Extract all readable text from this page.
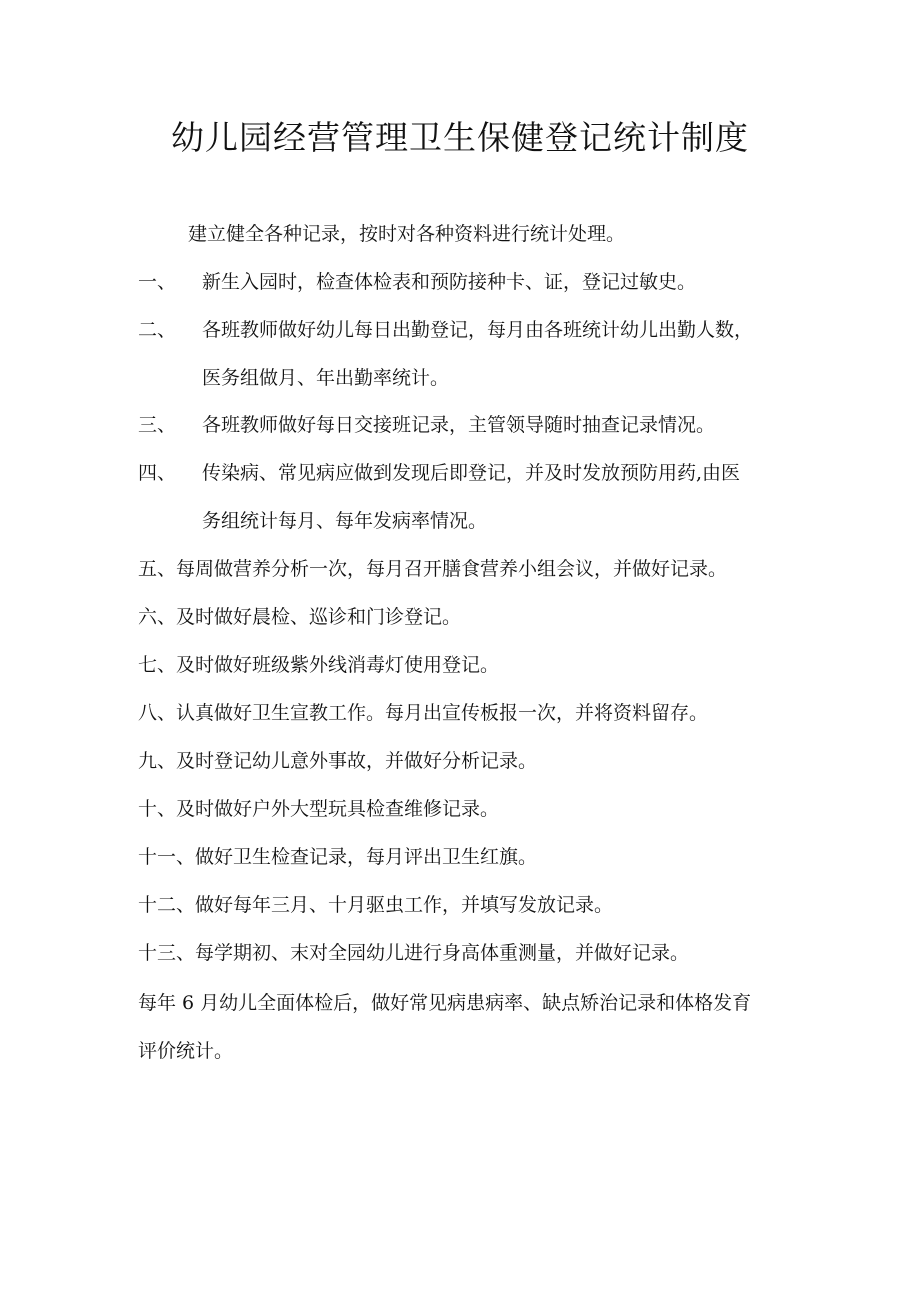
幼儿园经营管理卫生保健登记统计制度

建立健全各种记录，按时对各种资料进行统计处理。

一、 新生入园时，检查体检表和预防接种卡、证，登记过敏史。

二、 各班教师做好幼儿每日出勤登记，每月由各班统计幼儿出勤人数，

医务组做月、年出勤率统计。

三、 各班教师做好每日交接班记录，主管领导随时抽查记录情况。

四、 传染病、常见病应做到发现后即登记，并及时发放预防用药,由医

务组统计每月、每年发病率情况。

五、每周做营养分析一次，每月召开膳食营养小组会议，并做好记录。

六、及时做好晨检、巡诊和门诊登记。

七、及时做好班级紫外线消毒灯使用登记。

八、认真做好卫生宣教工作。每月出宣传板报一次，并将资料留存。

九、及时登记幼儿意外事故，并做好分析记录。

十、及时做好户外大型玩具检查维修记录。

十一、做好卫生检查记录，每月评出卫生红旗。

十二、做好每年三月、十月驱虫工作，并填写发放记录。

十三、每学期初、末对全园幼儿进行身高体重测量，并做好记录。

每年 6 月幼儿全面体检后，做好常见病患病率、缺点矫治记录和体格发育

评价统计。
